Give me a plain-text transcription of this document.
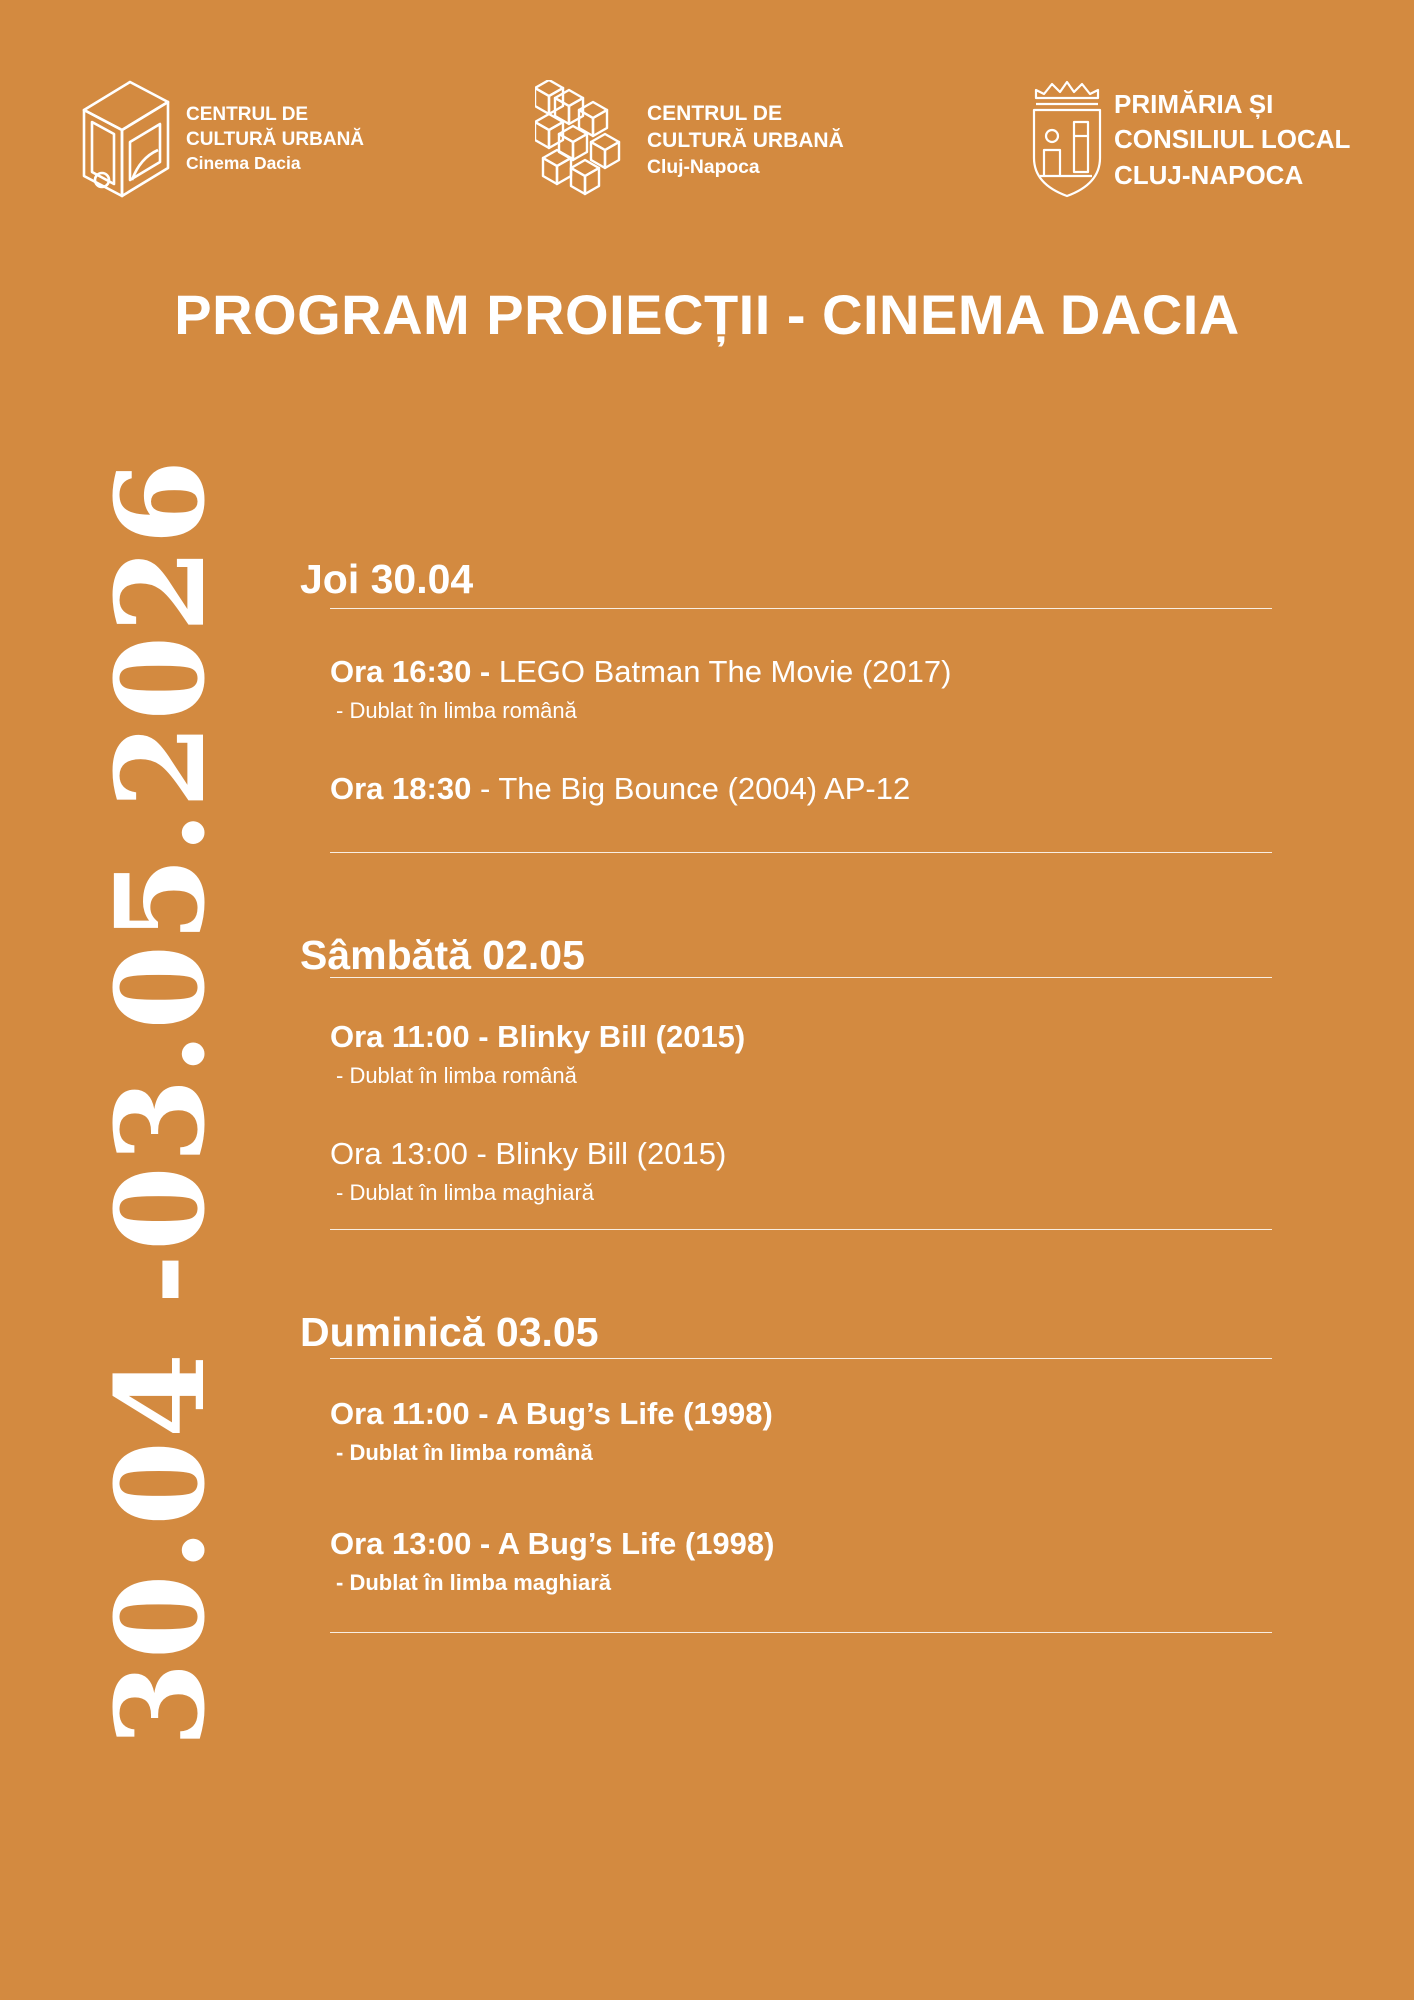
CENTRUL DE
CULTURĂ URBANĂ
Cinema Dacia
CENTRUL DE
CULTURĂ URBANĂ
Cluj-Napoca
PRIMĂRIA ȘI
CONSILIUL LOCAL
CLUJ-NAPOCA
PROGRAM PROIECȚII - CINEMA DACIA
30.04 -03.05.2026 Joi 30.04
Ora 16:30 - LEGO Batman The Movie (2017)
- Dublat în limba română
Ora 18:30 - The Big Bounce (2004) AP-12
Sâmbătă 02.05
Ora 11:00 - Blinky Bill (2015)
- Dublat în limba română
Ora 13:00 - Blinky Bill (2015)
- Dublat în limba maghiară
Duminică 03.05
Ora 11:00 - A Bug’s Life (1998)
- Dublat în limba română
Ora 13:00 - A Bug’s Life (1998)
- Dublat în limba maghiară
